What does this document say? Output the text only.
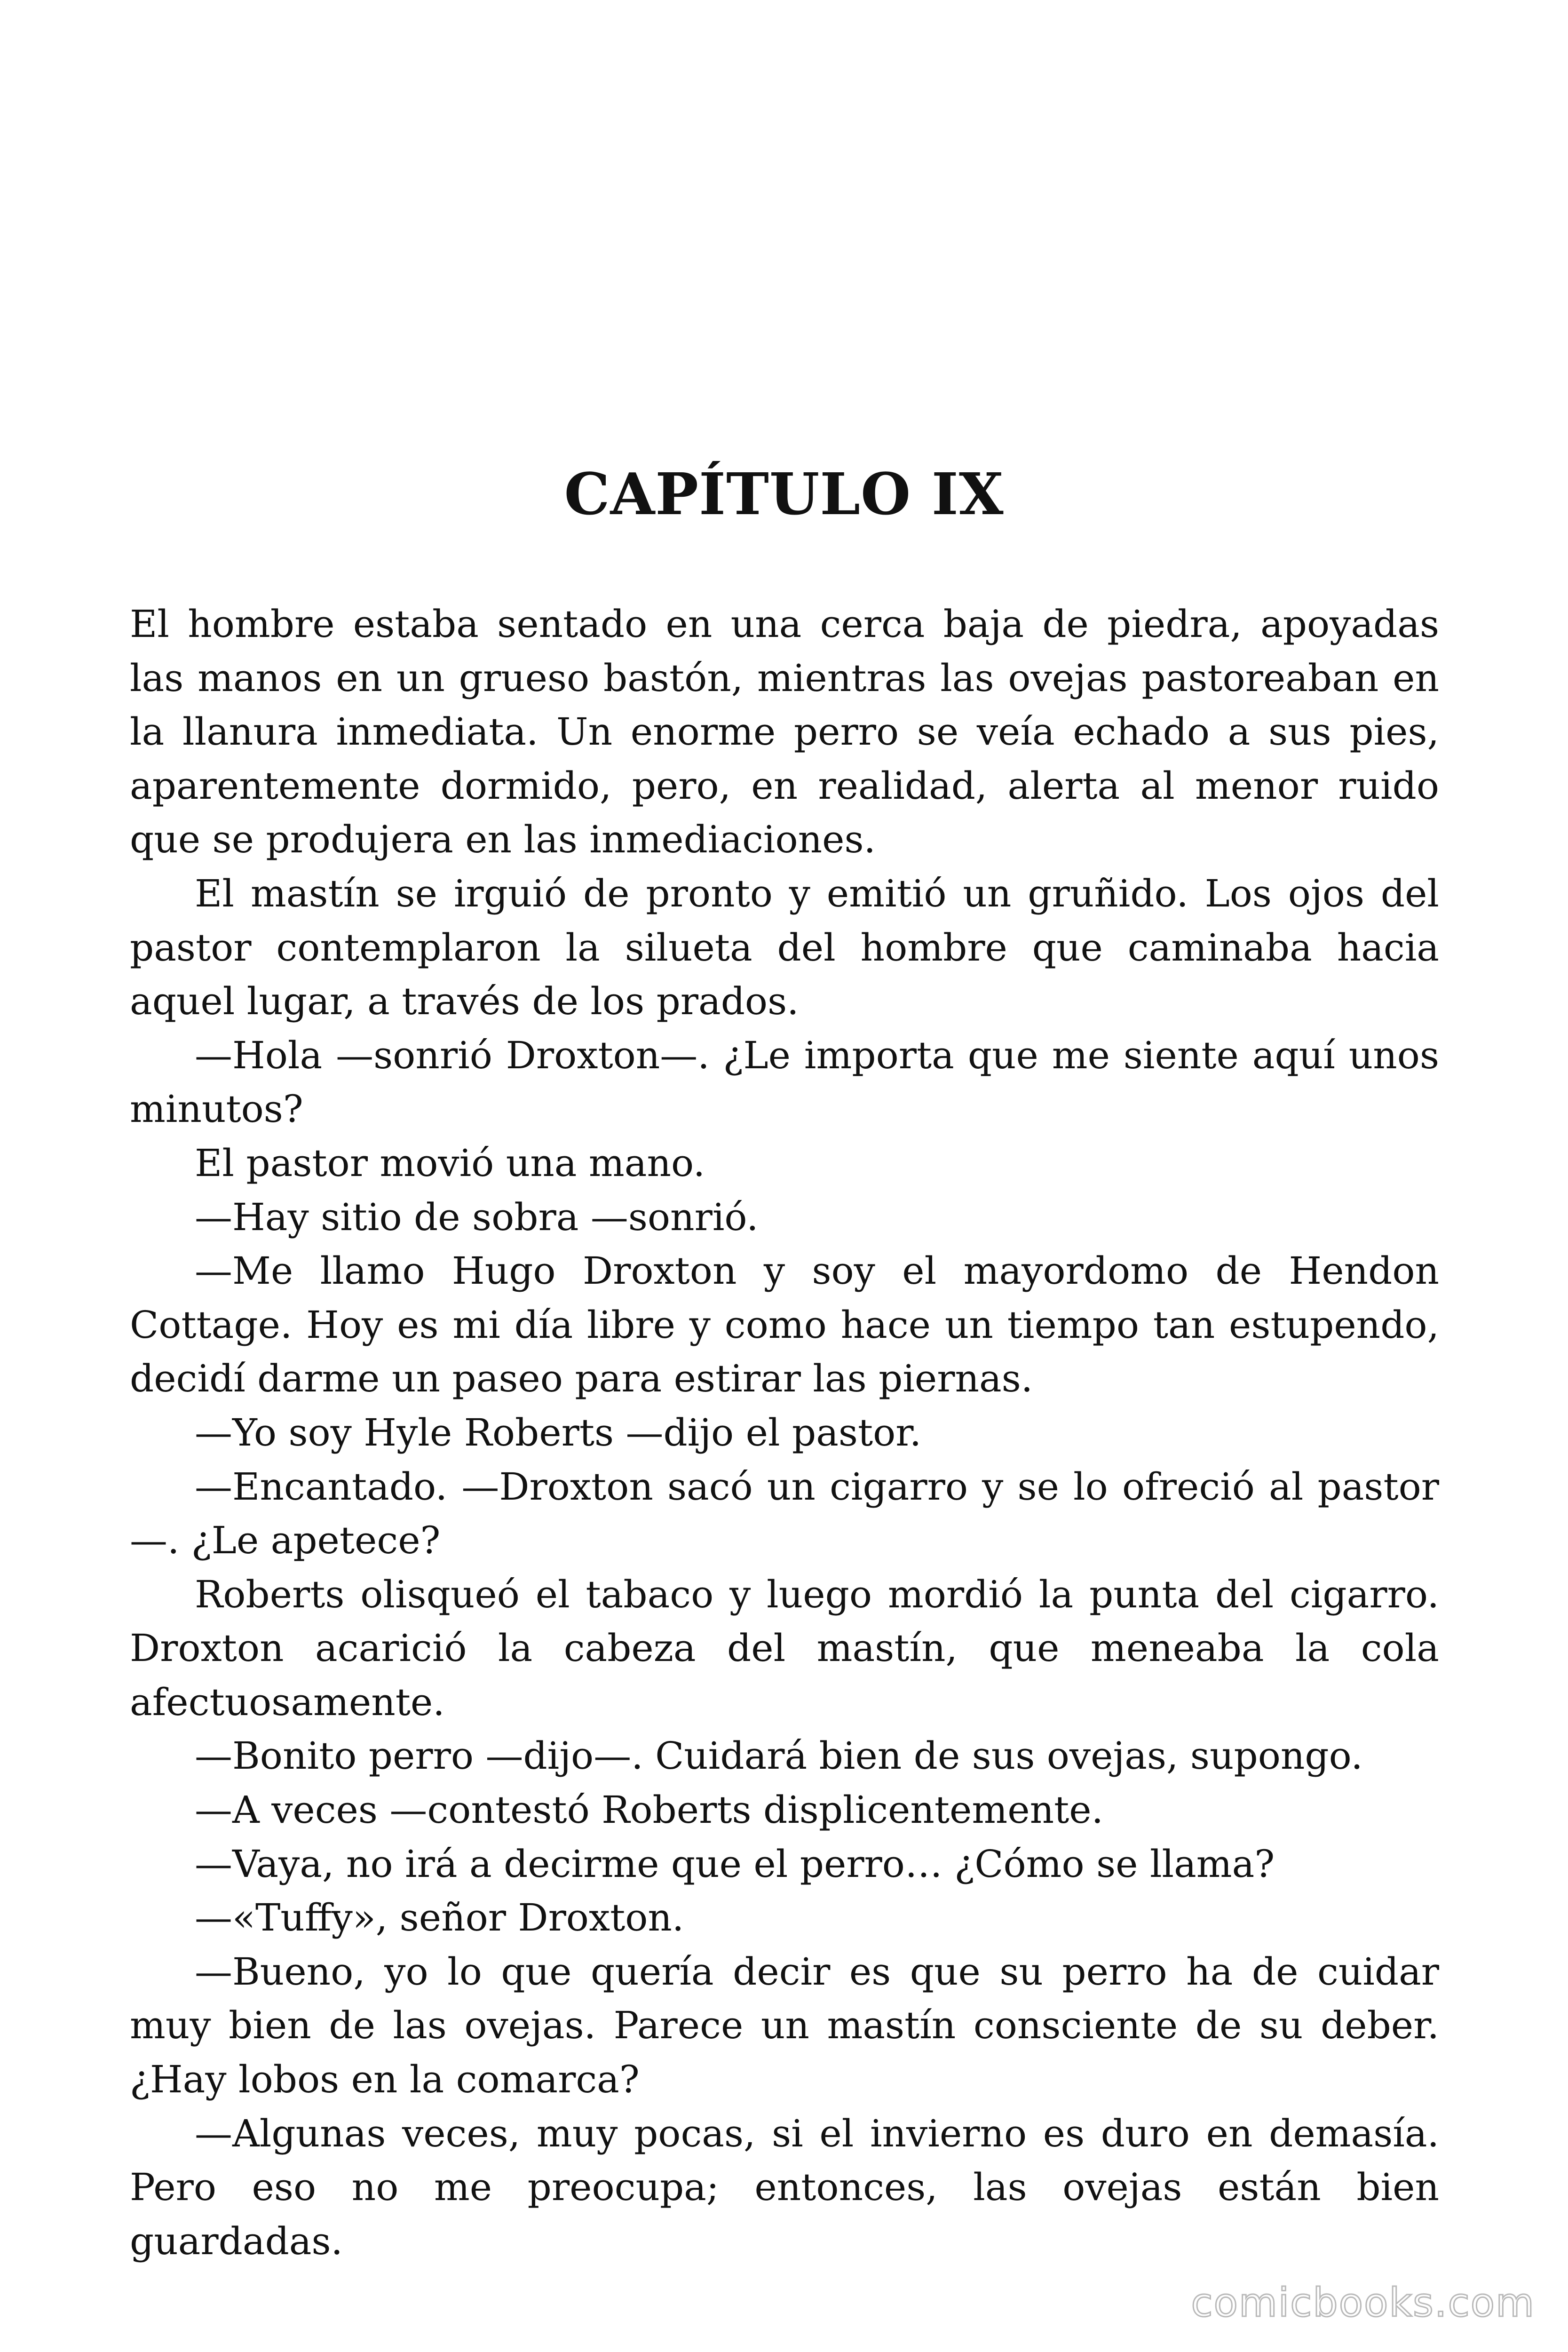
CAPÍTULO IX

El hombre estaba sentado en una cerca baja de piedra, apoyadas las manos en un grueso bastón, mientras las ovejas pastoreaban en la llanura inmediata. Un enorme perro se veía echado a sus pies, aparentemente dormido, pero, en realidad, alerta al menor ruido que se produjera en las inmediaciones.

El mastín se irguió de pronto y emitió un gruñido. Los ojos del pastor contemplaron la silueta del hombre que caminaba hacia aquel lugar, a través de los prados.

—Hola —sonrió Droxton—. ¿Le importa que me siente aquí unos minutos?

El pastor movió una mano.

—Hay sitio de sobra —sonrió.

—Me llamo Hugo Droxton y soy el mayordomo de Hendon Cottage. Hoy es mi día libre y como hace un tiempo tan estupendo, decidí darme un paseo para estirar las piernas.

—Yo soy Hyle Roberts —dijo el pastor.

—Encantado. —Droxton sacó un cigarro y se lo ofreció al pastor —. ¿Le apetece?

Roberts olisqueó el tabaco y luego mordió la punta del cigarro. Droxton acarició la cabeza del mastín, que meneaba la cola afectuosamente.

—Bonito perro —dijo—. Cuidará bien de sus ovejas, supongo.

—A veces —contestó Roberts displicentemente.

—Vaya, no irá a decirme que el perro… ¿Cómo se llama?

—«Tuffy», señor Droxton.

—Bueno, yo lo que quería decir es que su perro ha de cuidar muy bien de las ovejas. Parece un mastín consciente de su deber. ¿Hay lobos en la comarca?

—Algunas veces, muy pocas, si el invierno es duro en demasía. Pero eso no me preocupa; entonces, las ovejas están bien guardadas.

comicbooks.com
